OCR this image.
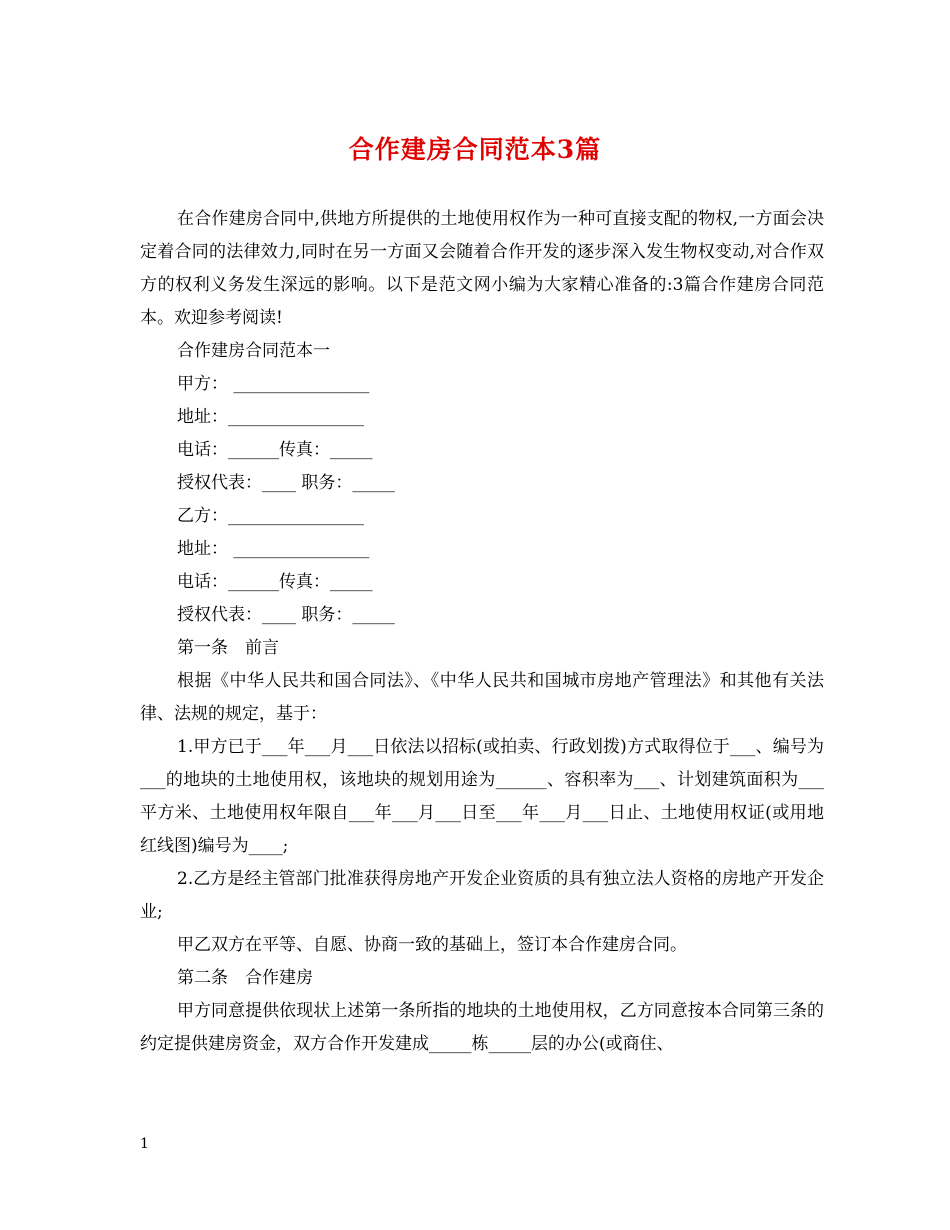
合作建房合同范本3篇

在合作建房合同中,供地方所提供的土地使用权作为一种可直接支配的物权,一方面会决定着合同的法律效力,同时在另一方面又会随着合作开发的逐步深入发生物权变动,对合作双方的权利义务发生深远的影响。以下是范文网小编为大家精心准备的:3篇合作建房合同范本。欢迎参考阅读!

合作建房合同范本一

甲方： ________________

地址：________________

电话：______传真：_____

授权代表：____ 职务：_____

乙方：________________

地址： ________________

电话：______传真：_____

授权代表：____ 职务：_____

第一条　前言

根据《中华人民共和国合同法》、《中华人民共和国城市房地产管理法》和其他有关法律、法规的规定，基于：

1.甲方已于___年___月___日依法以招标(或拍卖、行政划拨)方式取得位于___、编号为___的地块的土地使用权，该地块的规划用途为______、容积率为___、计划建筑面积为___平方米、土地使用权年限自___年___月___日至___年___月___日止、土地使用权证(或用地红线图)编号为____;

2.乙方是经主管部门批准获得房地产开发企业资质的具有独立法人资格的房地产开发企业;

甲乙双方在平等、自愿、协商一致的基础上，签订本合作建房合同。

第二条　合作建房

甲方同意提供依现状上述第一条所指的地块的土地使用权，乙方同意按本合同第三条的约定提供建房资金，双方合作开发建成_____栋_____层的办公(或商住、

1
